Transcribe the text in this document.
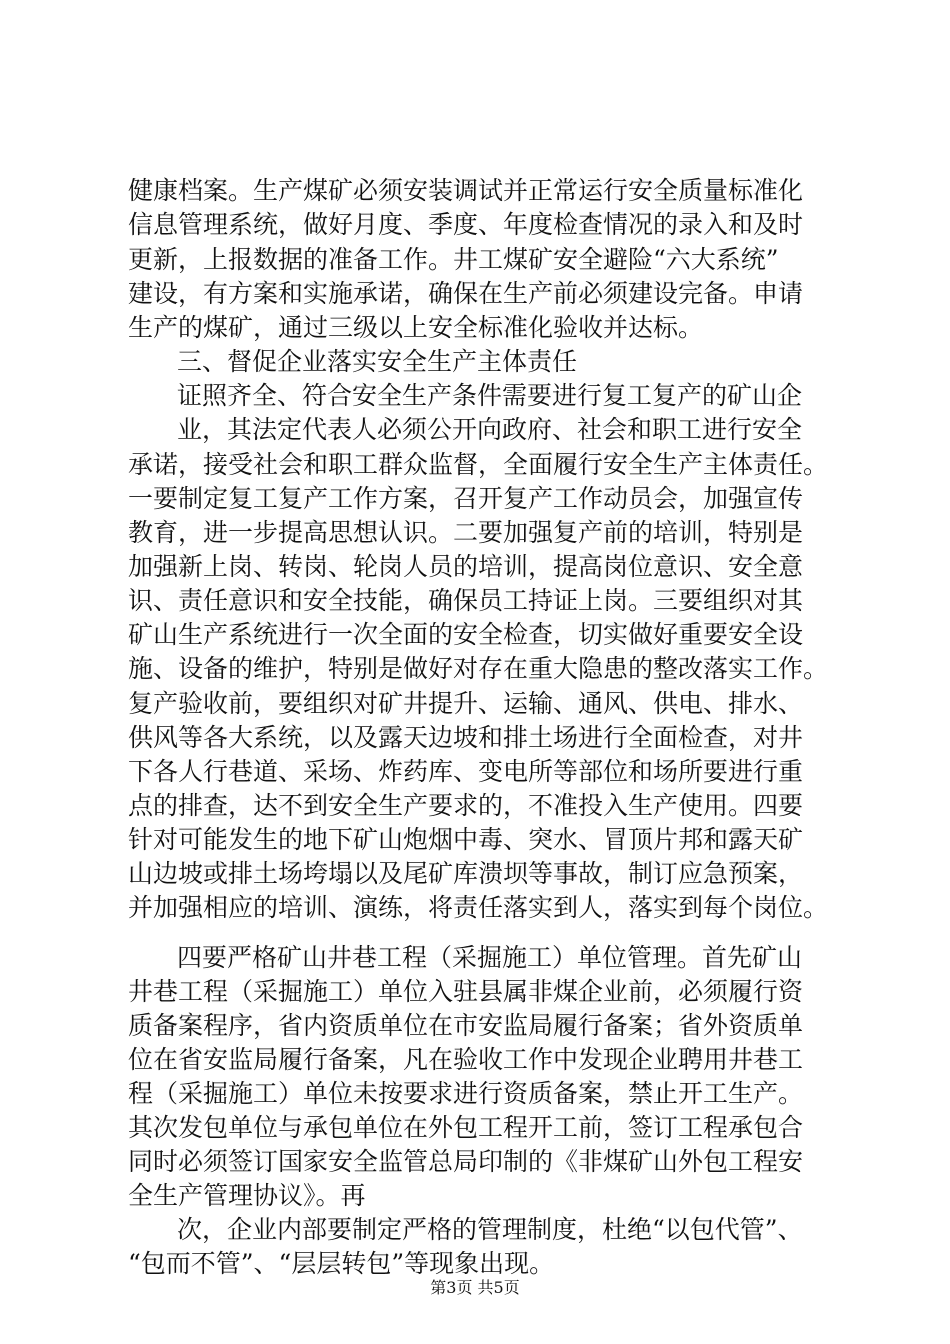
健康档案。生产煤矿必须安装调试并正常运行安全质量标准化
信息管理系统，做好月度、季度、年度检查情况的录入和及时
更新，上报数据的准备工作。井工煤矿安全避险“六大系统”
建设，有方案和实施承诺，确保在生产前必须建设完备。申请
生产的煤矿，通过三级以上安全标准化验收并达标。
三、督促企业落实安全生产主体责任
证照齐全、符合安全生产条件需要进行复工复产的矿山企
业，其法定代表人必须公开向政府、社会和职工进行安全
承诺，接受社会和职工群众监督，全面履行安全生产主体责任。
一要制定复工复产工作方案，召开复产工作动员会，加强宣传
教育，进一步提高思想认识。二要加强复产前的培训，特别是
加强新上岗、转岗、轮岗人员的培训，提高岗位意识、安全意
识、责任意识和安全技能，确保员工持证上岗。三要组织对其
矿山生产系统进行一次全面的安全检查，切实做好重要安全设
施、设备的维护，特别是做好对存在重大隐患的整改落实工作。
复产验收前，要组织对矿井提升、运输、通风、供电、排水、
供风等各大系统，以及露天边坡和排土场进行全面检查，对井
下各人行巷道、采场、炸药库、变电所等部位和场所要进行重
点的排查，达不到安全生产要求的，不准投入生产使用。四要
针对可能发生的地下矿山炮烟中毒、突水、冒顶片邦和露天矿
山边坡或排土场垮塌以及尾矿库溃坝等事故，制订应急预案，
并加强相应的培训、演练，将责任落实到人，落实到每个岗位。
四要严格矿山井巷工程（采掘施工）单位管理。首先矿山
井巷工程（采掘施工）单位入驻县属非煤企业前，必须履行资
质备案程序，省内资质单位在市安监局履行备案；省外资质单
位在省安监局履行备案，凡在验收工作中发现企业聘用井巷工
程（采掘施工）单位未按要求进行资质备案，禁止开工生产。
其次发包单位与承包单位在外包工程开工前，签订工程承包合
同时必须签订国家安全监管总局印制的《非煤矿山外包工程安
全生产管理协议》。再
次，企业内部要制定严格的管理制度，杜绝“以包代管”、
“包而不管”、“层层转包”等现象出现。
第3页 共5页
